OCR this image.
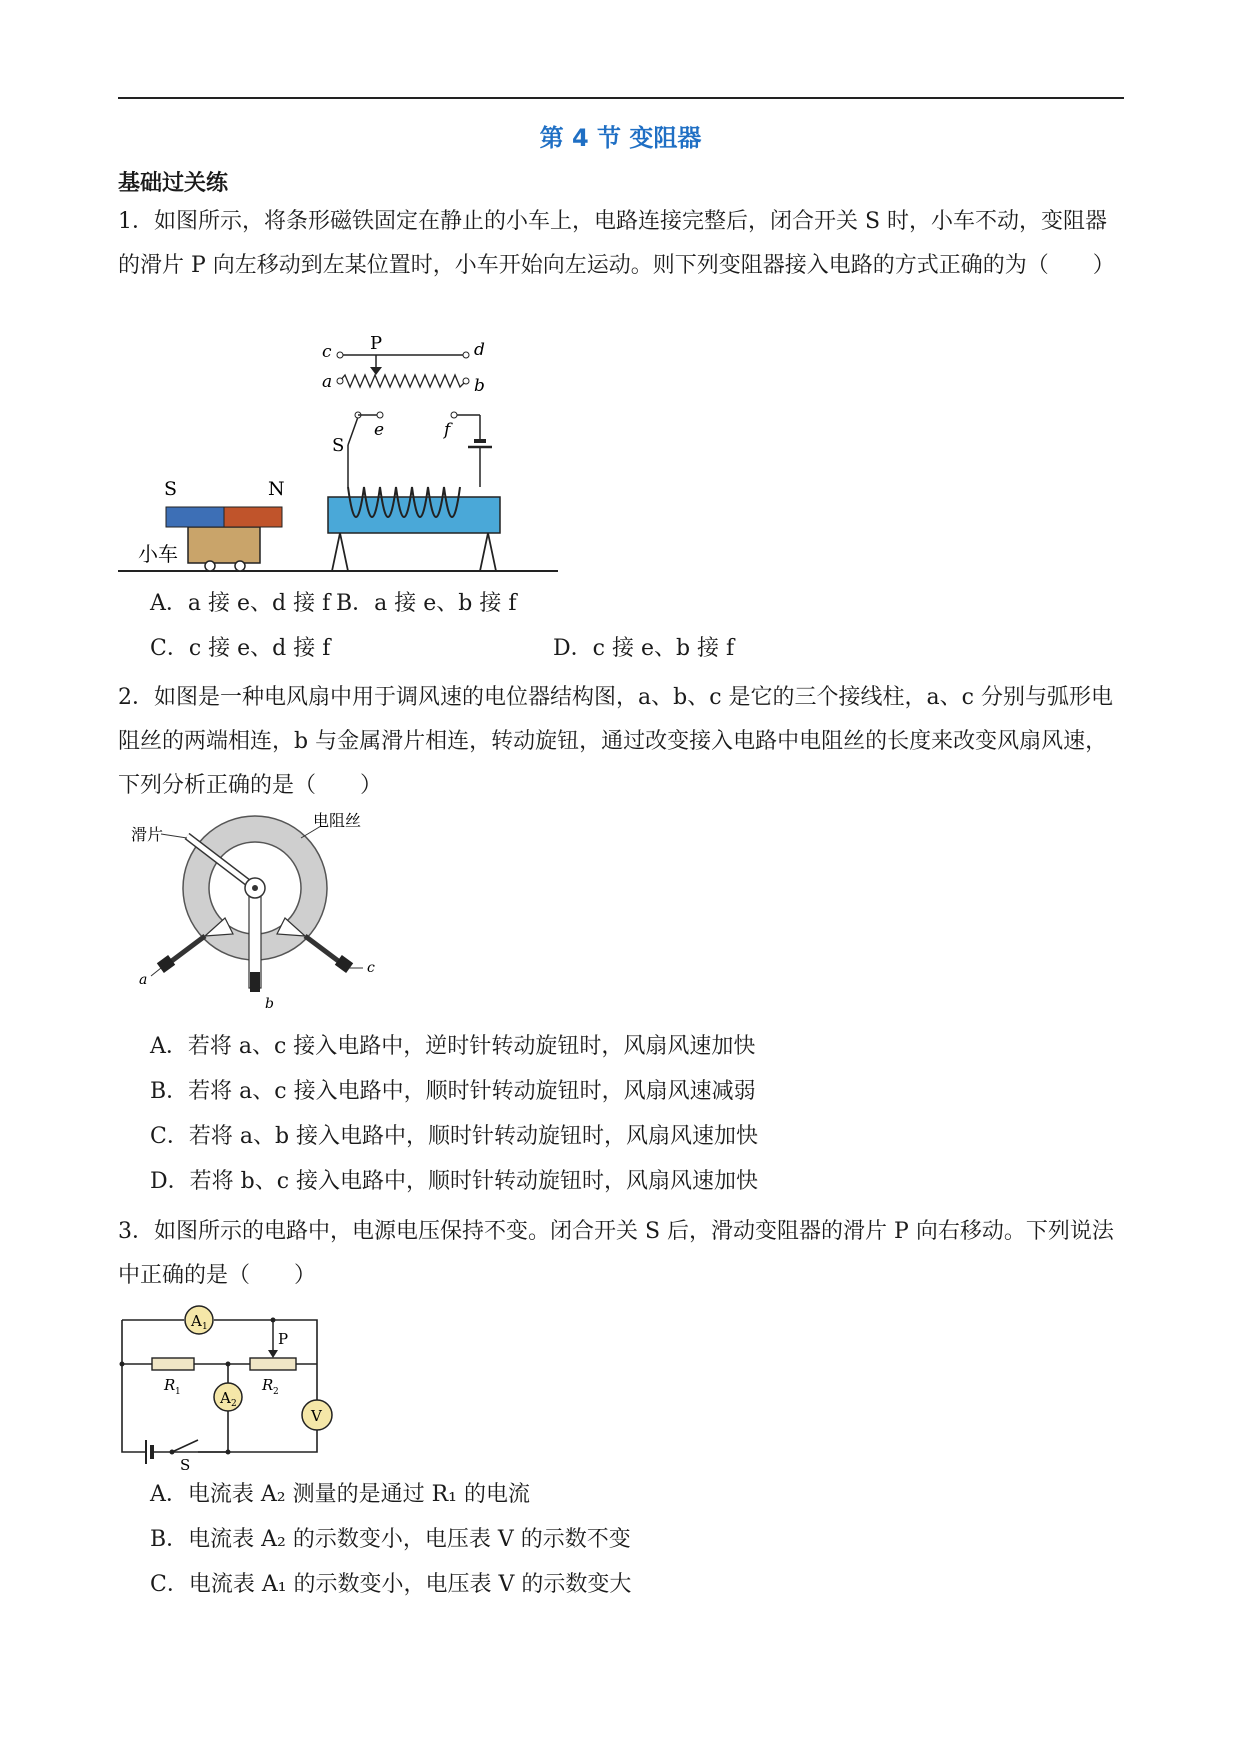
第 4 节 变阻器
基础过关练
1．如图所示，将条形磁铁固定在静止的小车上，电路连接完整后，闭合开关 S 时，小车不动，变阻器的滑片 P 向左移动到左某位置时，小车开始向左运动。则下列变阻器接入电路的方式正确的为（　　）
小车
S	N
S
e	f
P
c	d
a	b
A．a 接 e、d 接 f B．a 接 e、b 接 f
C．c 接 e、d 接 f	D．c 接 e、b 接 f
2．如图是一种电风扇中用于调风速的电位器结构图，a、b、c 是它的三个接线柱，a、c 分别与弧形电阻丝的两端相连，b 与金属滑片相连，转动旋钮，通过改变接入电路中电阻丝的长度来改变风扇风速，下列分析正确的是（　　）
滑片
电阻丝
a
b
c
A．若将 a、c 接入电路中，逆时针转动旋钮时，风扇风速加快
B．若将 a、c 接入电路中，顺时针转动旋钮时，风扇风速减弱
C．若将 a、b 接入电路中，顺时针转动旋钮时，风扇风速加快
D．若将 b、c 接入电路中，顺时针转动旋钮时，风扇风速加快
3．如图所示的电路中，电源电压保持不变。闭合开关 S 后，滑动变阻器的滑片 P 向右移动。下列说法中正确的是（　　）
A 1
P
R 1	R 2
A 2
V
S
A．电流表 A₂ 测量的是通过 R₁ 的电流
B．电流表 A₂ 的示数变小，电压表 V 的示数不变
C．电流表 A₁ 的示数变小，电压表 V 的示数变大
